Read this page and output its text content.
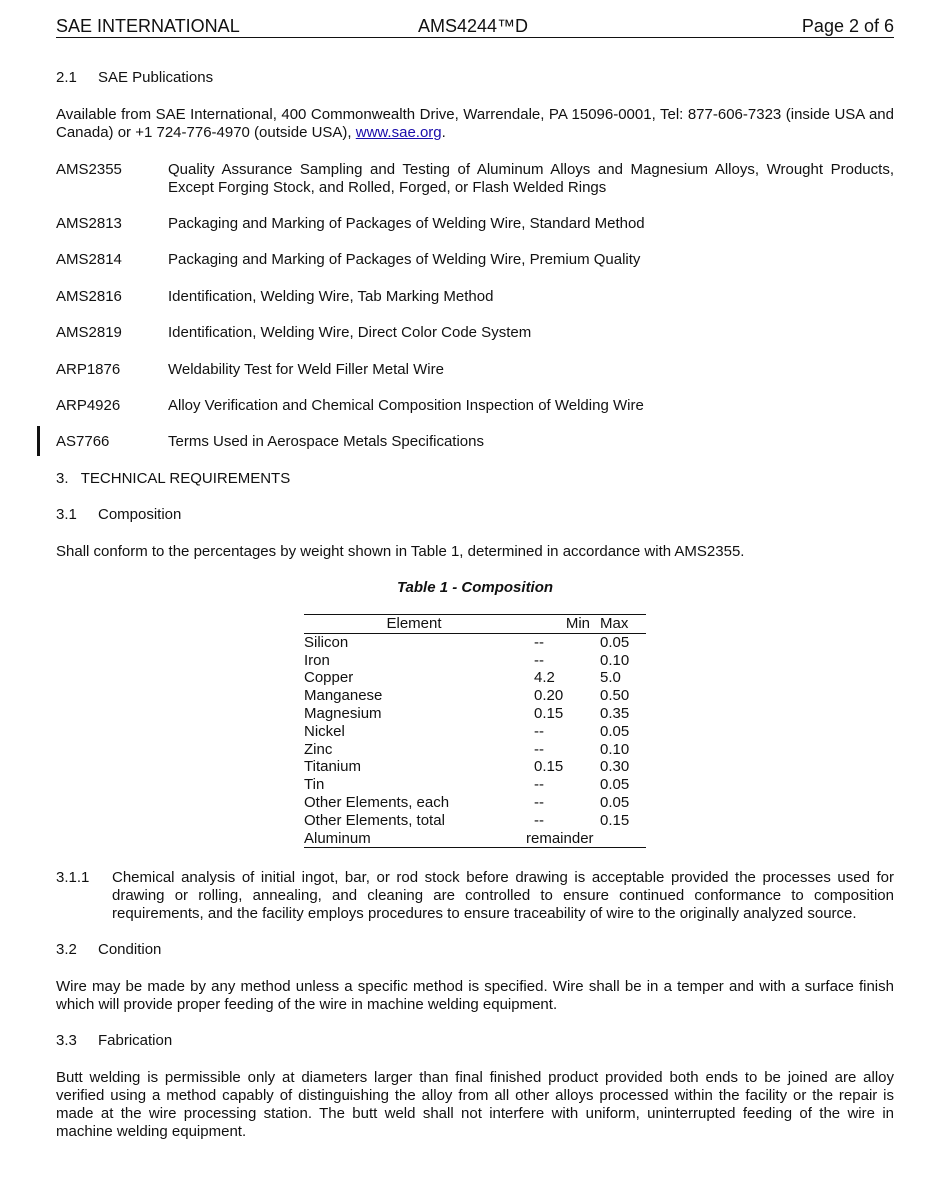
SAE INTERNATIONAL	AMS4244™D	Page 2 of 6
2.1 SAE Publications
Available from SAE International, 400 Commonwealth Drive, Warrendale, PA 15096-0001, Tel: 877-606-7323 (inside USA and Canada) or +1 724-776-4970 (outside USA), www.sae.org.
AMS2355	Quality Assurance Sampling and Testing of Aluminum Alloys and Magnesium Alloys, Wrought Products, Except Forging Stock, and Rolled, Forged, or Flash Welded Rings
AMS2813	Packaging and Marking of Packages of Welding Wire, Standard Method
AMS2814	Packaging and Marking of Packages of Welding Wire, Premium Quality
AMS2816	Identification, Welding Wire, Tab Marking Method
AMS2819	Identification, Welding Wire, Direct Color Code System
ARP1876	Weldability Test for Weld Filler Metal Wire
ARP4926	Alloy Verification and Chemical Composition Inspection of Welding Wire
AS7766	Terms Used in Aerospace Metals Specifications
3.   TECHNICAL REQUIREMENTS
3.1 Composition
Shall conform to the percentages by weight shown in Table 1, determined in accordance with AMS2355.
Table 1 - Composition
Element	Min	Max
Silicon	--	0.05
Iron	--	0.10
Copper	4.2	5.0
Manganese	0.20	0.50
Magnesium	0.15	0.35
Nickel	--	0.05
Zinc	--	0.10
Titanium	0.15	0.30
Tin	--	0.05
Other Elements, each	--	0.05
Other Elements, total	--	0.15
Aluminum	remainder	
3.1.1 Chemical analysis of initial ingot, bar, or rod stock before drawing is acceptable provided the processes used for drawing or rolling, annealing, and cleaning are controlled to ensure continued conformance to composition requirements, and the facility employs procedures to ensure traceability of wire to the originally analyzed source.
3.2 Condition
Wire may be made by any method unless a specific method is specified. Wire shall be in a temper and with a surface finish which will provide proper feeding of the wire in machine welding equipment.
3.3 Fabrication
Butt welding is permissible only at diameters larger than final finished product provided both ends to be joined are alloy verified using a method capably of distinguishing the alloy from all other alloys processed within the facility or the repair is made at the wire processing station. The butt weld shall not interfere with uniform, uninterrupted feeding of the wire in machine welding equipment.
